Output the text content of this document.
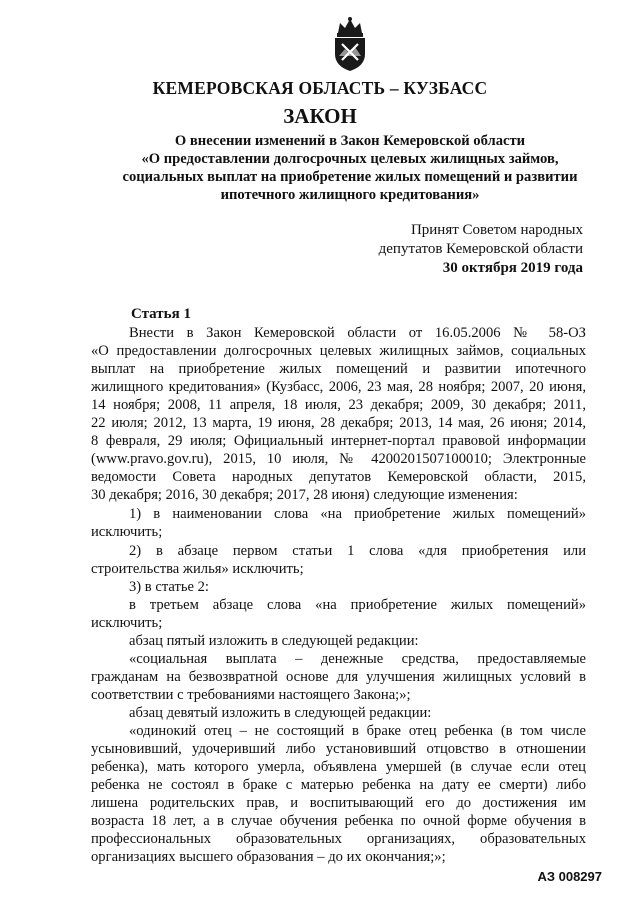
КЕМЕРОВСКАЯ ОБЛАСТЬ – КУЗБАСС
ЗАКОН
О внесении изменений в Закон Кемеровской области
«О предоставлении долгосрочных целевых жилищных займов,
социальных выплат на приобретение жилых помещений и развитии
ипотечного жилищного кредитования»
Принят Советом народных
депутатов Кемеровской области
30 октября 2019 года
Статья 1
Внести в Закон Кемеровской области от 16.05.2006 № 58-ОЗ
«О предоставлении долгосрочных целевых жилищных займов, социальных
выплат на приобретение жилых помещений и развитии ипотечного
жилищного кредитования» (Кузбасс, 2006, 23 мая, 28 ноября; 2007, 20 июня,
14 ноября; 2008, 11 апреля, 18 июля, 23 декабря; 2009, 30 декабря; 2011,
22 июля; 2012, 13 марта, 19 июня, 28 декабря; 2013, 14 мая, 26 июня; 2014,
8 февраля, 29 июля; Официальный интернет-портал правовой информации
(www.pravo.gov.ru), 2015, 10 июля, № 4200201507100010; Электронные
ведомости Совета народных депутатов Кемеровской области, 2015,
30 декабря; 2016, 30 декабря; 2017, 28 июня) следующие изменения:
1) в наименовании слова «на приобретение жилых помещений»
исключить;
2) в абзаце первом статьи 1 слова «для приобретения или
строительства жилья» исключить;
3) в статье 2:
в третьем абзаце слова «на приобретение жилых помещений»
исключить;
абзац пятый изложить в следующей редакции:
«социальная выплата – денежные средства, предоставляемые
гражданам на безвозвратной основе для улучшения жилищных условий в
соответствии с требованиями настоящего Закона;»;
абзац девятый изложить в следующей редакции:
«одинокий отец – не состоящий в браке отец ребенка (в том числе
усыновивший, удочеривший либо установивший отцовство в отношении
ребенка), мать которого умерла, объявлена умершей (в случае если отец
ребенка не состоял в браке с матерью ребенка на дату ее смерти) либо
лишена родительских прав, и воспитывающий его до достижения им
возраста 18 лет, а в случае обучения ребенка по очной форме обучения в
профессиональных образовательных организациях, образовательных
организациях высшего образования – до их окончания;»;
АЗ 008297
